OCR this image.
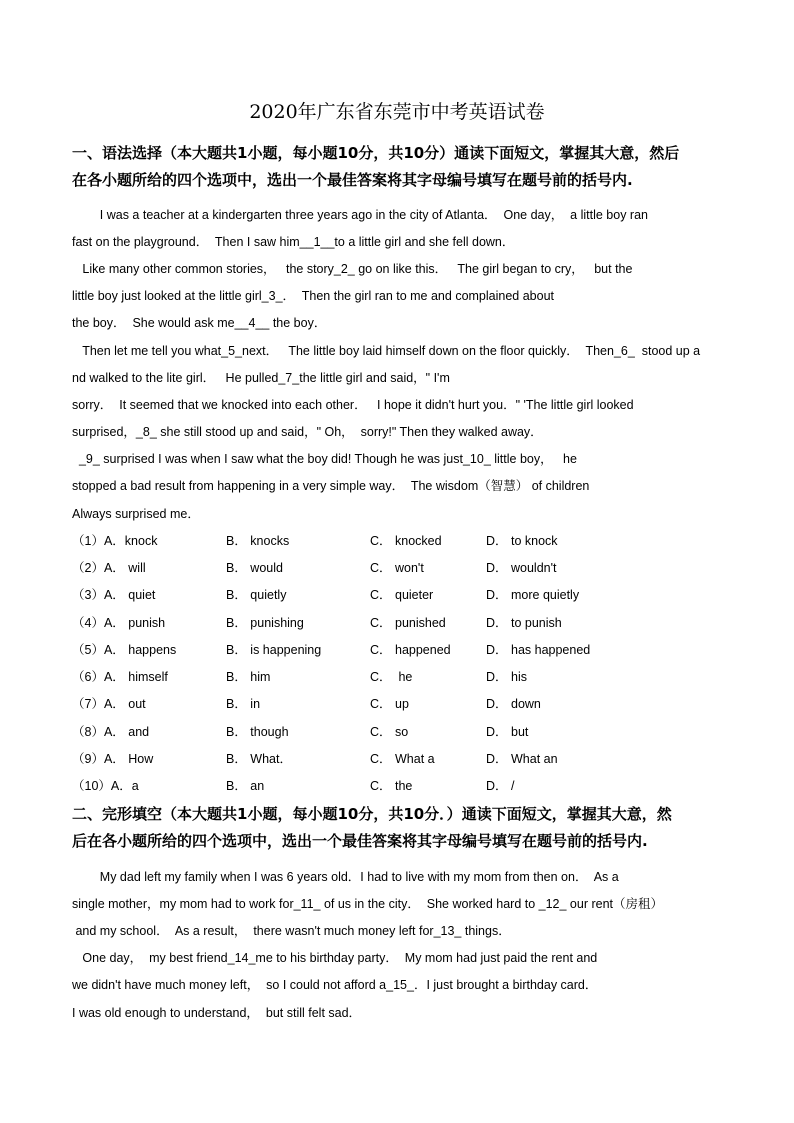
2020年广东省东莞市中考英语试卷
一、语法选择（本大题共1小题，每小题10分，共10分）通读下面短文，掌握其大意，然后
在各小题所给的四个选项中，选出一个最佳答案将其字母编号填写在题号前的括号内.
I was a teacher at a kindergarten three years ago in the city of Atlanta．  One day，  a little boy ran
fast on the playground．  Then I saw him__1__to a little girl and she fell down．
Like many other common stories，   the story_2_ go on like this．   The girl began to cry，   but the
little boy just looked at the little girl_3_．  Then the girl ran to me and complained about
the boy．  She would ask me__4__ the boy．
Then let me tell you what_5_next．   The little boy laid himself down on the floor quickly．  Then_6_  stood up a
nd walked to the lite girl．   He pulled_7_the little girl and said，" I'm
sorry．  It seemed that we knocked into each other．   I hope it didn't hurt you．" 'The little girl looked
surprised，_8_ she still stood up and said，" Oh，  sorry!" Then they walked away．
_9_ surprised I was when I saw what the boy did! Though he was just_10_ little boy，   he
stopped a bad result from happening in a very simple way．  The wisdom（智慧） of children
Always surprised me．
（1）A．knock	B． knocks	C． knocked	D． to knock
（2）A． will	B． would	C． won't	D． wouldn't
（3）A． quiet	B． quietly	C． quieter	D． more quietly
（4）A． punish	B． punishing	C． punished	D． to punish
（5）A． happens	B． is happening	C． happened	D． has happened
（6）A． himself	B． him	C．  he	D． his
（7）A． out	B． in	C． up	D． down
（8）A． and	B． though	C． so	D． but
（9）A． How	B． What．	C． What a	D． What an
（10）A．a	B． an	C． the	D． /
二、完形填空（本大题共1小题，每小题10分，共10分．）通读下面短文，掌握其大意，然
后在各小题所给的四个选项中，选出一个最佳答案将其字母编号填写在题号前的括号内.
My dad left my family when I was 6 years old．I had to live with my mom from then on．  As a
single mother，my mom had to work for_11_ of us in the city．  She worked hard to _12_ our rent（房租）
and my school．  As a result，  there wasn't much money left for_13_ things．
One day，  my best friend_14_me to his birthday party．  My mom had just paid the rent and
we didn't have much money left，  so I could not afford a_15_．I just brought a birthday card．
I was old enough to understand，  but still felt sad．
